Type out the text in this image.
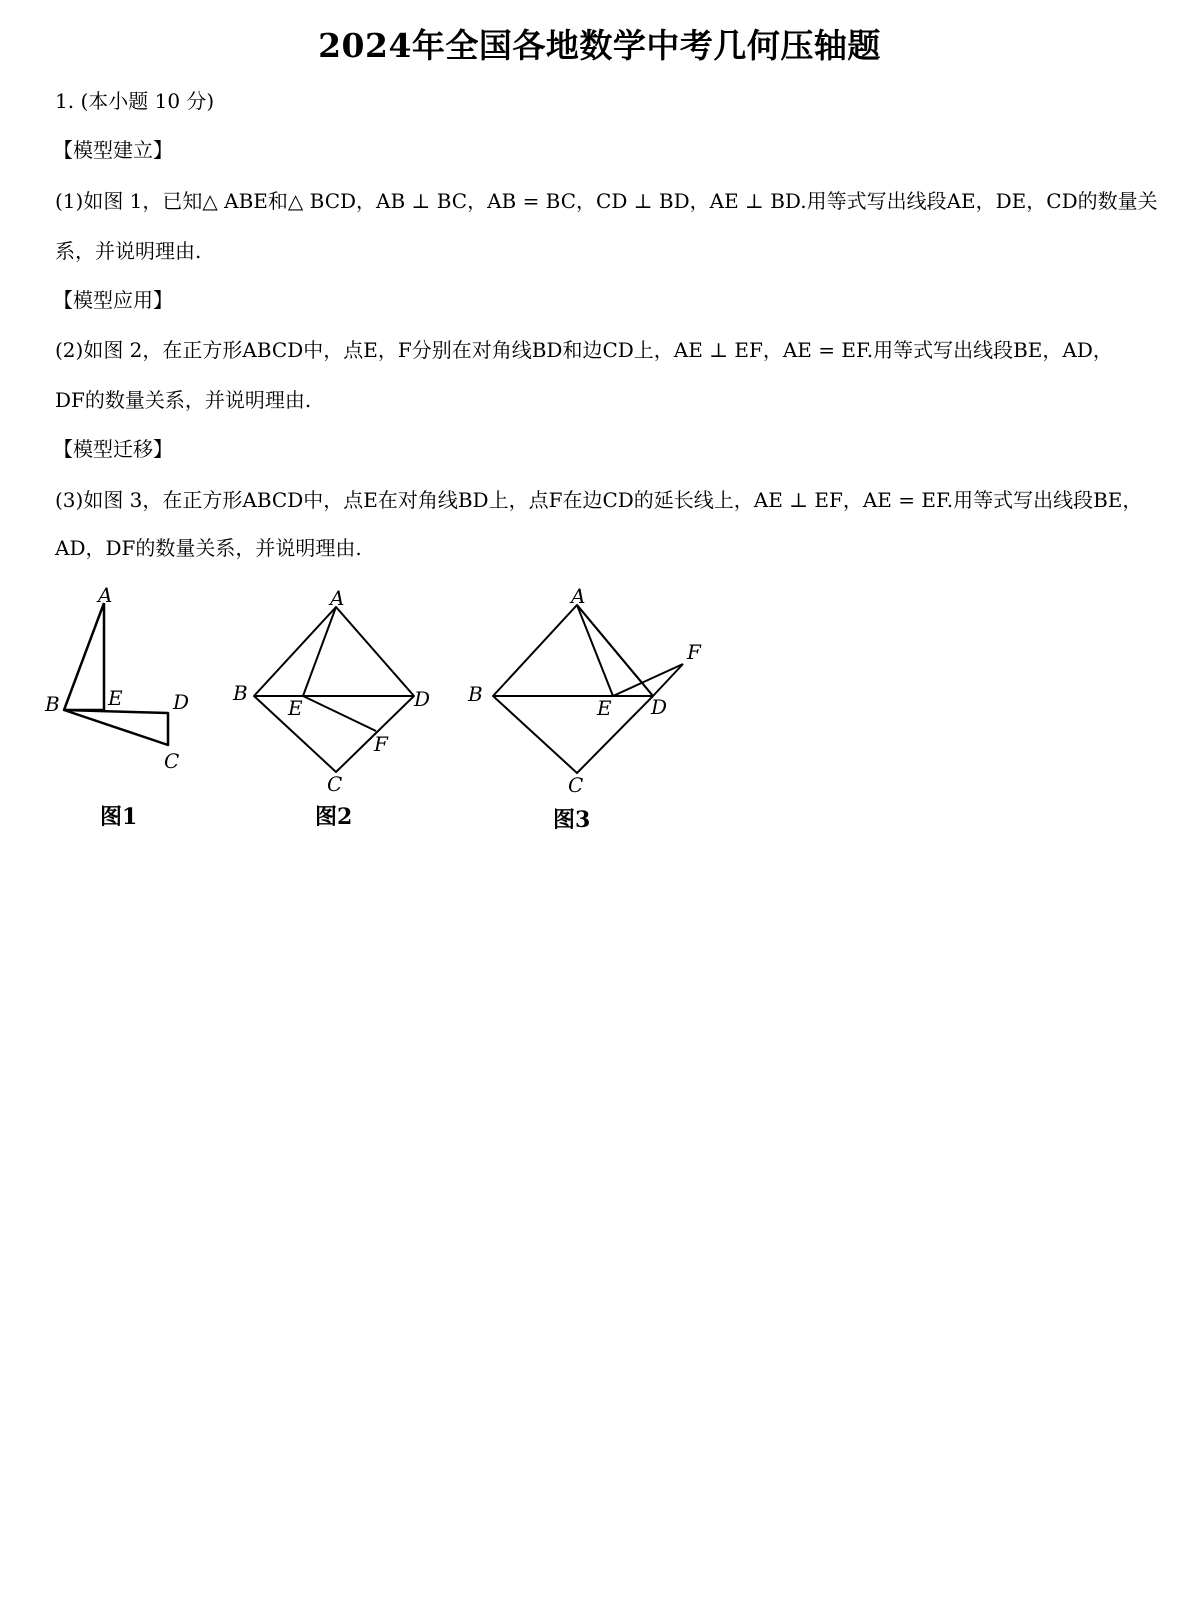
2024年全国各地数学中考几何压轴题
1. (本小题 10 分)
【模型建立】
(1)如图 1，已知△ ABE和△ BCD，AB ⊥ BC，AB = BC，CD ⊥ BD，AE ⊥ BD.用等式写出线段AE，DE，CD的数量关
系，并说明理由.
【模型应用】
(2)如图 2，在正方形ABCD中，点E，F分别在对角线BD和边CD上，AE ⊥ EF，AE = EF.用等式写出线段BE，AD，
DF的数量关系，并说明理由.
【模型迁移】
(3)如图 3，在正方形ABCD中，点E在对角线BD上，点F在边CD的延长线上，AE ⊥ EF，AE = EF.用等式写出线段BE，
AD，DF的数量关系，并说明理由.
A
B E	D
C
图1
A
B
E	D
F
C
图2
A
B
E D
F
C
图3
